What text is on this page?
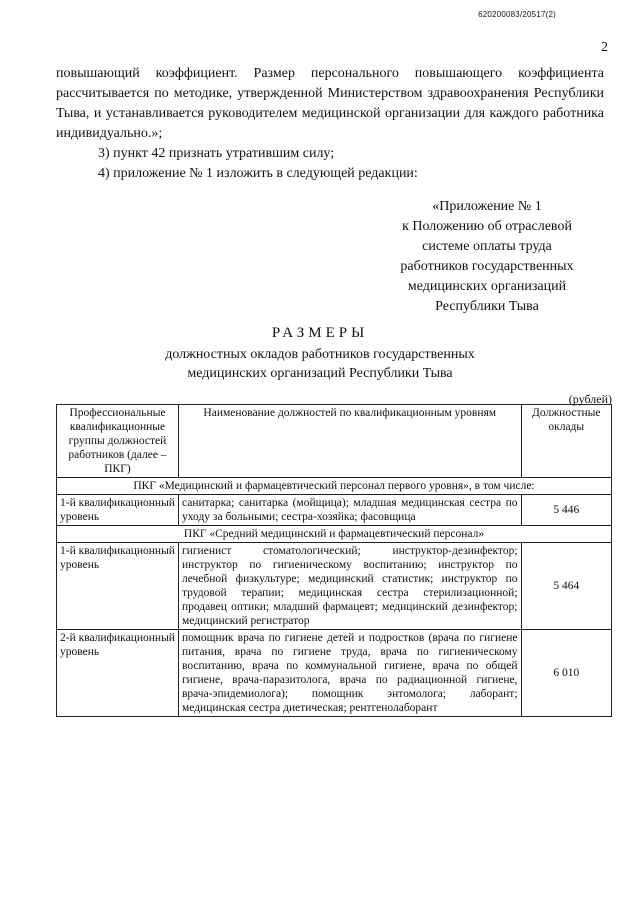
620200083/20517(2)
2

повышающий коэффициент. Размер персонального повышающего коэффициента рассчитывается по методике, утвержденной Министерством здравоохранения Республики Тыва, и устанавливается руководителем медицинской организации для каждого работника индивидуально.»;

3) пункт 42 признать утратившим силу;

4) приложение № 1 изложить в следующей редакции:

«Приложение № 1
к Положению об отраслевой
системе оплаты труда
работников государственных
медицинских организаций
Республики Тыва
РАЗМЕРЫ
должностных окладов работников государственных
медицинских организаций Республики Тыва
(рублей)
Профессиональные квалификационные группы должностей работников (далее – ПКГ)	Наименование должностей по квалификационным уровням	Должностные оклады
ПКГ «Медицинский и фармацевтический персонал первого уровня», в том числе:		
1-й квалификационный уровень	санитарка; санитарка (мойщица); младшая медицинская сестра по уходу за больными; сестра-хозяйка; фасовщица	5 446
ПКГ «Средний медицинский и фармацевтический персонал»		
1-й квалификационный уровень	гигиенист стоматологический; инструктор-дезинфектор; инструктор по гигиеническому воспитанию; инструктор по лечебной физкультуре; медицинский статистик; инструктор по трудовой терапии; медицинская сестра стерилизационной; продавец оптики; младший фармацевт; медицинский дезинфектор; медицинский регистратор	5 464
2-й квалификационный уровень	помощник врача по гигиене детей и подростков (врача по гигиене питания, врача по гигиене труда, врача по гигиеническому воспитанию, врача по коммунальной гигиене, врача по общей гигиене, врача-паразитолога, врача по радиационной гигиене, врача-эпидемиолога); помощник энтомолога; лаборант; медицинская сестра диетическая; рентгенолаборант	6 010
